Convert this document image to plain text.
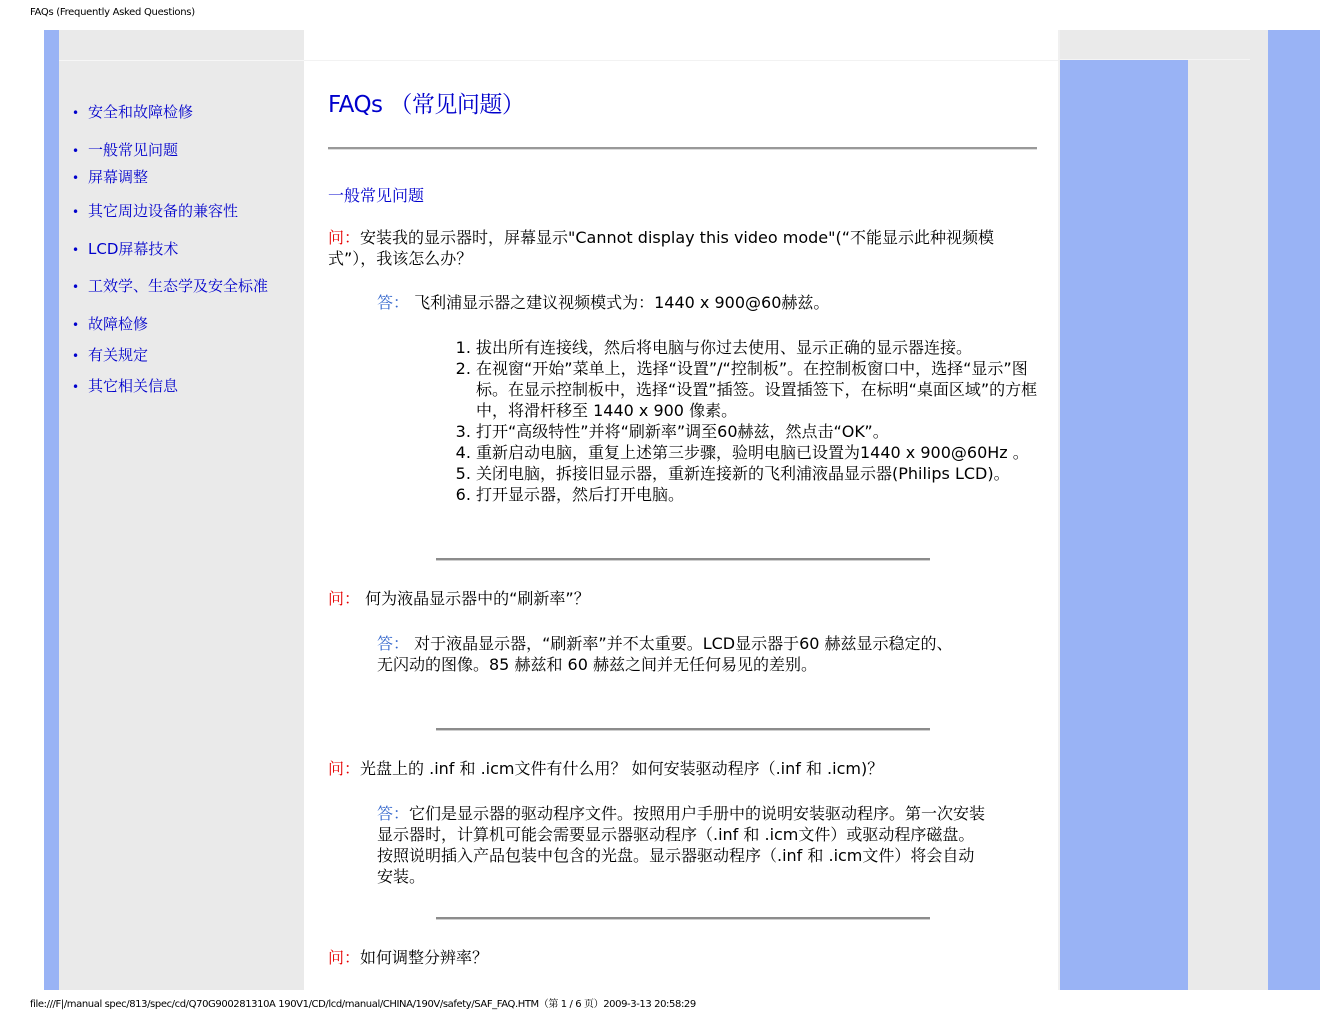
FAQs (Frequently Asked Questions)
• 安全和故障检修
• 一般常见问题
• 屏幕调整
• 其它周边设备的兼容性
• LCD屏幕技术
• 工效学、生态学及安全标准
• 故障检修
• 有关规定
• 其它相关信息
FAQs （常见问题）
一般常见问题
问：安装我的显示器时，屏幕显示"Cannot display this video mode"(“不能显示此种视频模式”），我该怎么办？
答： 飞利浦显示器之建议视频模式为：1440 x 900@60赫兹。
1. 拔出所有连接线，然后将电脑与你过去使用、显示正确的显示器连接。
2. 在视窗“开始”菜单上，选择“设置”/“控制板”。在控制板窗口中，选择“显示”图标。在显示控制板中，选择“设置”插签。设置插签下，在标明“桌面区域”的方框中，将滑杆移至 1440 x 900 像素。
3. 打开“高级特性”并将“刷新率”调至60赫兹，然点击“OK”。
4. 重新启动电脑，重复上述第三步骤，验明电脑已设置为1440 x 900@60Hz 。
5. 关闭电脑，拆接旧显示器，重新连接新的飞利浦液晶显示器(Philips LCD)。
6. 打开显示器，然后打开电脑。
问： 何为液晶显示器中的“刷新率”？
答： 对于液晶显示器，“刷新率”并不太重要。LCD显示器于60 赫兹显示稳定的、
无闪动的图像。85 赫兹和 60 赫兹之间并无任何易见的差别。
问：光盘上的 .inf 和 .icm文件有什么用？ 如何安装驱动程序（.inf 和 .icm)？
答：它们是显示器的驱动程序文件。按照用户手册中的说明安装驱动程序。第一次安装显示器时，计算机可能会需要显示器驱动程序（.inf 和 .icm文件）或驱动程序磁盘。按照说明插入产品包装中包含的光盘。显示器驱动程序（.inf 和 .icm文件）将会自动安装。
问：如何调整分辨率？
file:///F|/manual spec/813/spec/cd/Q70G900281310A 190V1/CD/lcd/manual/CHINA/190V/safety/SAF_FAQ.HTM（第 1 / 6 页）2009-3-13 20:58:29
